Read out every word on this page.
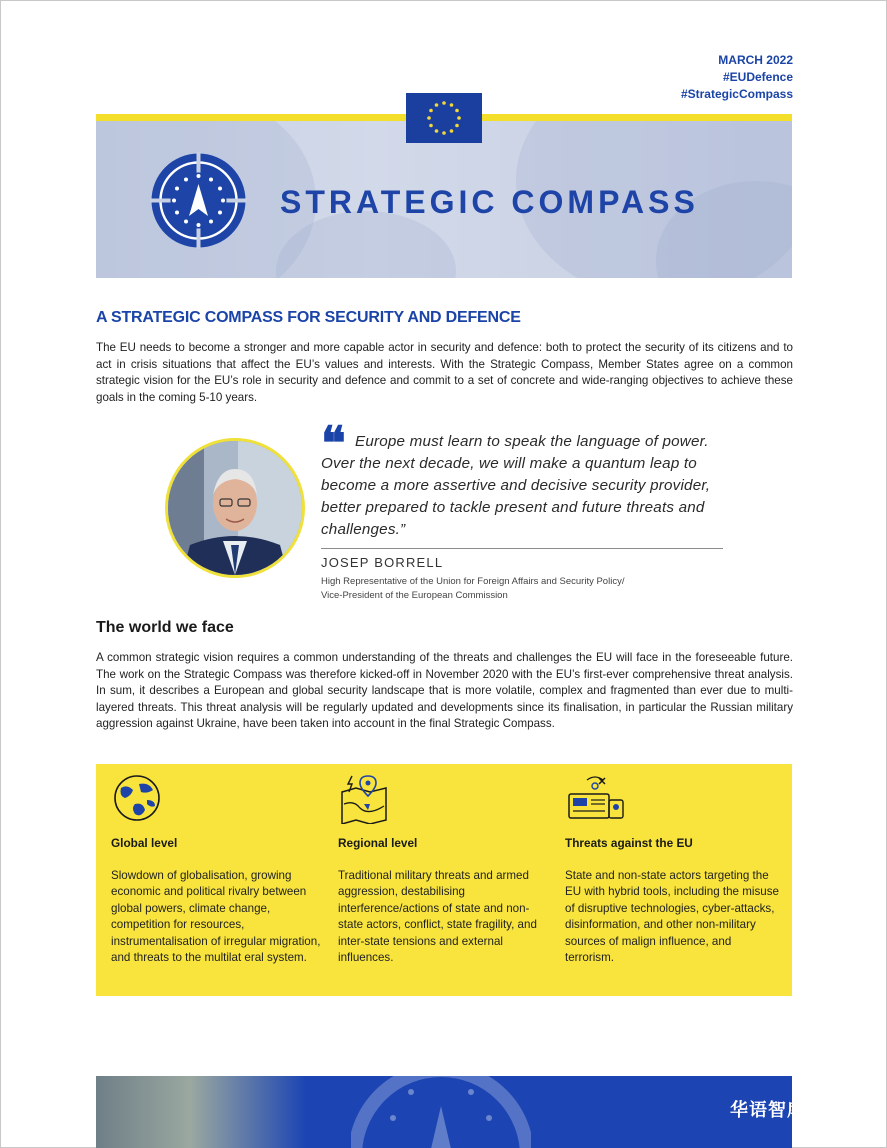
MARCH 2022
#EUDefence
#StrategicCompass
STRATEGIC COMPASS
A STRATEGIC COMPASS FOR SECURITY AND DEFENCE

The EU needs to become a stronger and more capable actor in security and defence: both to protect the security of its citizens and to act in crisis situations that affect the EU’s values and interests. With the Strategic Compass, Member States agree on a common strategic vision for the EU’s role in security and defence and commit to a set of concrete and wide-ranging objectives to achieve these goals in the coming 5-10 years.

❝ Europe must learn to speak the language of power. Over the next decade, we will make a quantum leap to become a more assertive and decisive security provider, better prepared to tackle present and future threats and challenges.”

JOSEP BORRELL
High Representative of the Union for Foreign Affairs and Security Policy/
Vice-President of the European Commission
The world we face

A common strategic vision requires a common understanding of the threats and challenges the EU will face in the foreseeable future. The work on the Strategic Compass was therefore kicked-off in November 2020 with the EU’s first-ever comprehensive threat analysis. In sum, it describes a European and global security landscape that is more volatile, complex and fragmented than ever due to multi-layered threats. This threat analysis will be regularly updated and developments since its finalisation, in particular the Russian military aggression against Ukraine, have been taken into account in the final Strategic Compass.

Global level

Slowdown of globalisation, growing economic and political rivalry between global powers, climate change, competition for resources, instrumentalisation of irregular migration, and threats to the multilat eral system.

Regional level

Traditional military threats and armed aggression, destabilising interference/actions of state and non-state actors, conflict, state fragility, and inter-state tensions and external influences.

Threats against the EU

State and non-state actors targeting the EU with hybrid tools, including the misuse of disruptive technologies, cyber-attacks, disinformation, and other non-military sources of malign influence, and terrorism.

华语智库
